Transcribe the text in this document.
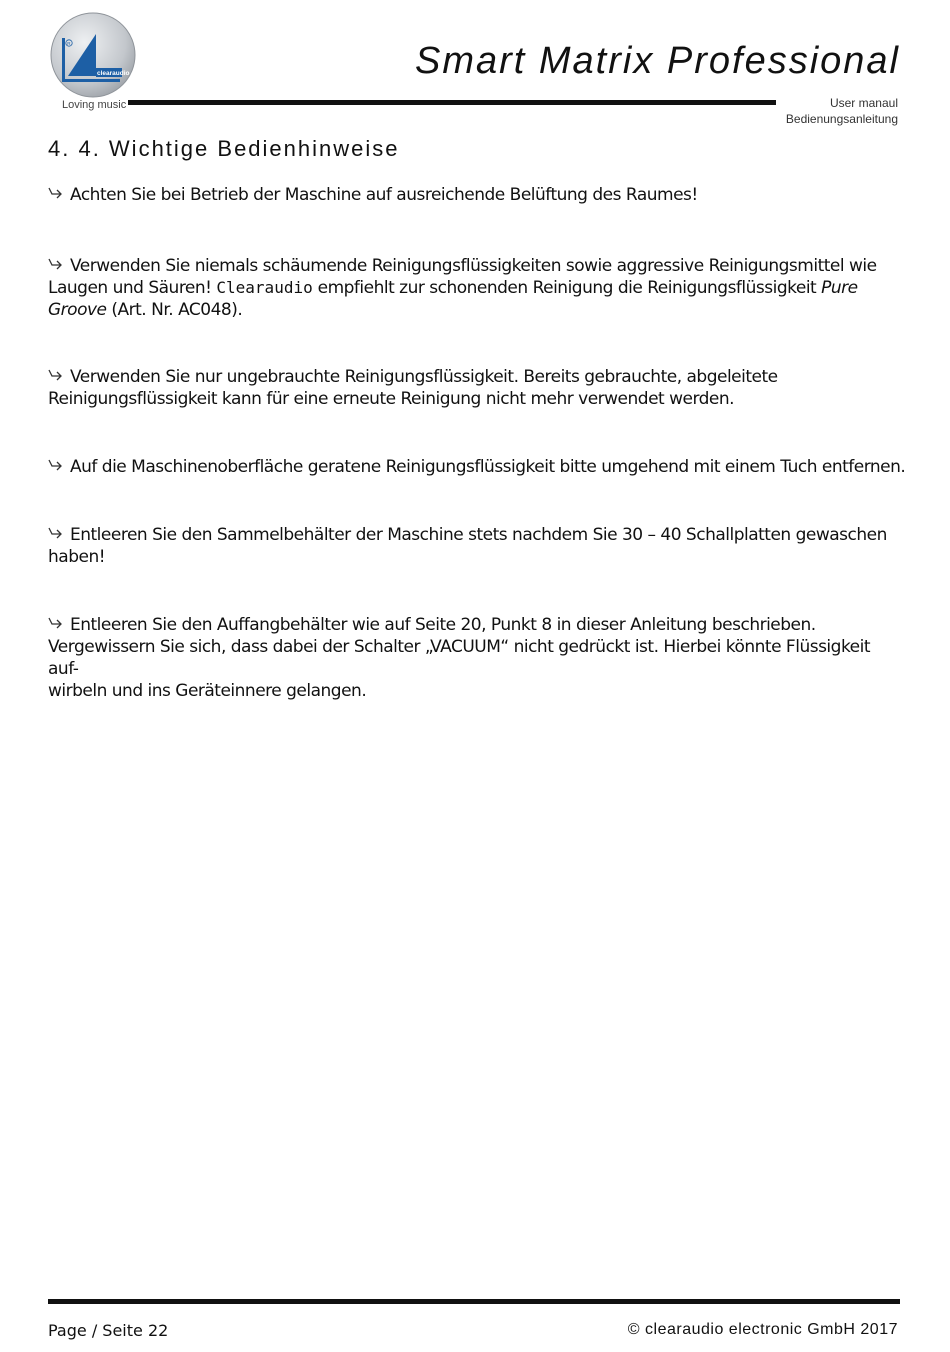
clearaudio
R
Loving music
Smart Matrix Professional
User manaul
Bedienungsanleitung
4. 4. Wichtige Bedienhinweise

Achten Sie bei Betrieb der Maschine auf ausreichende Belüftung des Raumes!

Verwenden Sie niemals schäumende Reinigungsflüssigkeiten sowie aggressive Reinigungsmittel wie
Laugen und Säuren! Clearaudio empfiehlt zur schonenden Reinigung die Reinigungsflüssigkeit Pure
Groove (Art. Nr. AC048).

Verwenden Sie nur ungebrauchte Reinigungsflüssigkeit. Bereits gebrauchte, abgeleitete
Reinigungsflüssigkeit kann für eine erneute Reinigung nicht mehr verwendet werden.

Auf die Maschinenoberfläche geratene Reinigungsflüssigkeit bitte umgehend mit einem Tuch entfernen.

Entleeren Sie den Sammelbehälter der Maschine stets nachdem Sie 30 – 40 Schallplatten gewaschen
haben!

Entleeren Sie den Auffangbehälter wie auf Seite 20, Punkt 8 in dieser Anleitung beschrieben.
Vergewissern Sie sich, dass dabei der Schalter „VACUUM“ nicht gedrückt ist. Hierbei könnte Flüssigkeit auf-
wirbeln und ins Geräteinnere gelangen.

Page / Seite 22	© clearaudio electronic GmbH 2017
